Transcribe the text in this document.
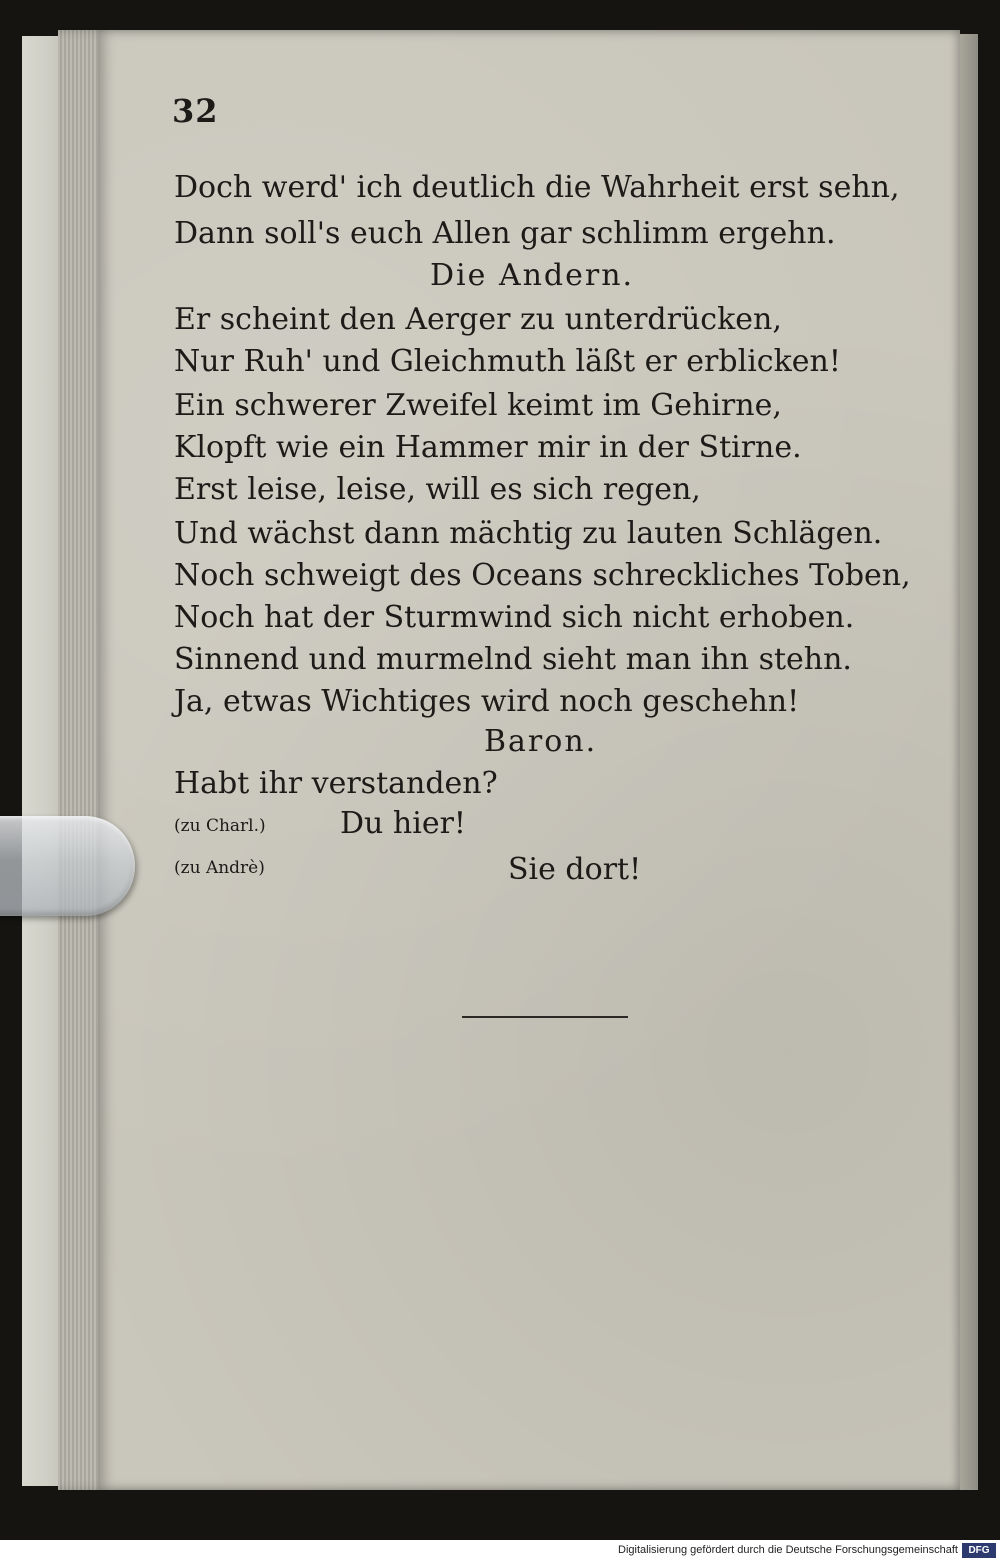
32
Doch werd' ich deutlich die Wahrheit erst sehn,
Dann soll's euch Allen gar schlimm ergehn.
Die Andern.
Er scheint den Aerger zu unterdrücken,
Nur Ruh' und Gleichmuth läßt er erblicken!
Ein schwerer Zweifel keimt im Gehirne,
Klopft wie ein Hammer mir in der Stirne.
Erst leise, leise, will es sich regen,
Und wächst dann mächtig zu lauten Schlägen.
Noch schweigt des Oceans schreckliches Toben,
Noch hat der Sturmwind sich nicht erhoben.
Sinnend und murmelnd sieht man ihn stehn.
Ja, etwas Wichtiges wird noch geschehn!
Baron.
Habt ihr verstanden?
(zu Charl.) Du hier!
(zu Andrè)	Sie dort!
Digitalisierung gefördert durch die Deutsche Forschungsgemeinschaft	DFG
